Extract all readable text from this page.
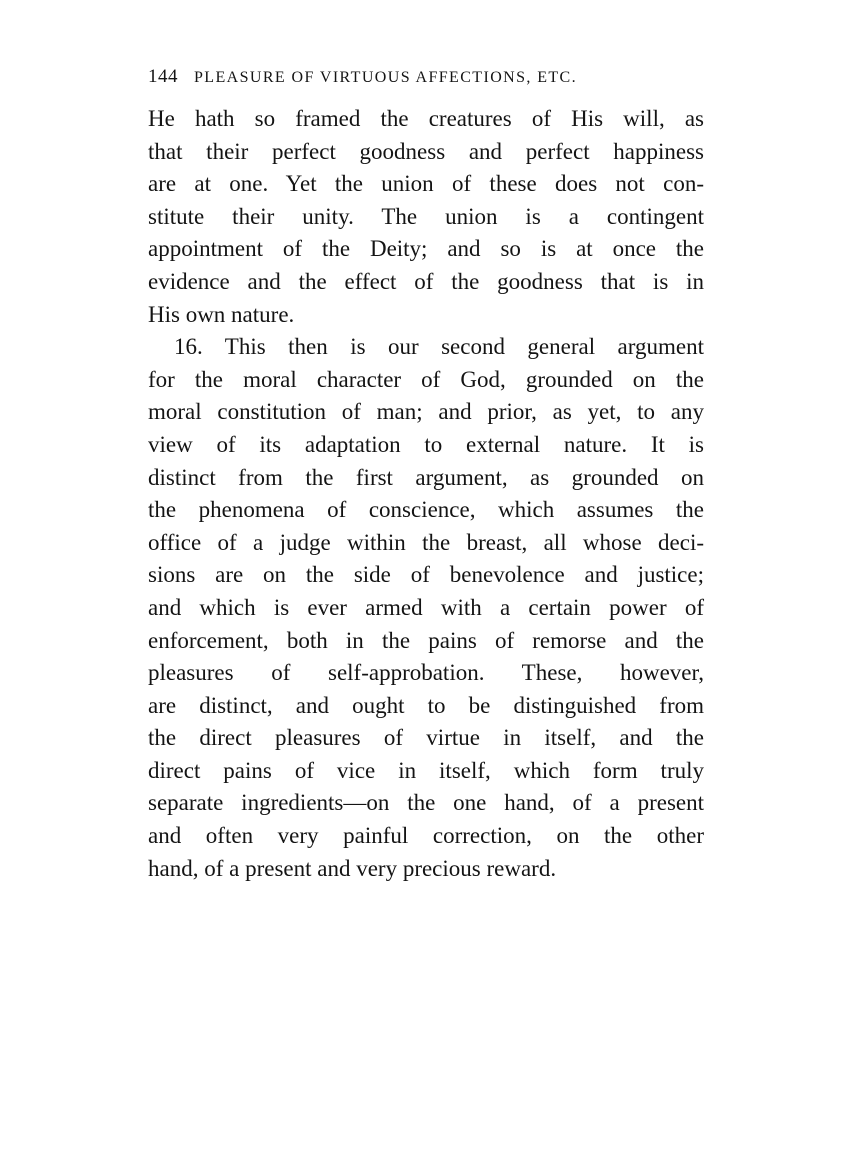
144 PLEASURE OF VIRTUOUS AFFECTIONS, ETC.

He hath so framed the creatures of His will, as
that their perfect goodness and perfect happiness
are at one. Yet the union of these does not con-
stitute their unity. The union is a contingent
appointment of the Deity; and so is at once the
evidence and the effect of the goodness that is in
His own nature.

16. This then is our second general argument
for the moral character of God, grounded on the
moral constitution of man; and prior, as yet, to any
view of its adaptation to external nature. It is
distinct from the first argument, as grounded on
the phenomena of conscience, which assumes the
office of a judge within the breast, all whose deci-
sions are on the side of benevolence and justice;
and which is ever armed with a certain power of
enforcement, both in the pains of remorse and the
pleasures of self-approbation. These, however,
are distinct, and ought to be distinguished from
the direct pleasures of virtue in itself, and the
direct pains of vice in itself, which form truly
separate ingredients—on the one hand, of a present
and often very painful correction, on the other
hand, of a present and very precious reward.
